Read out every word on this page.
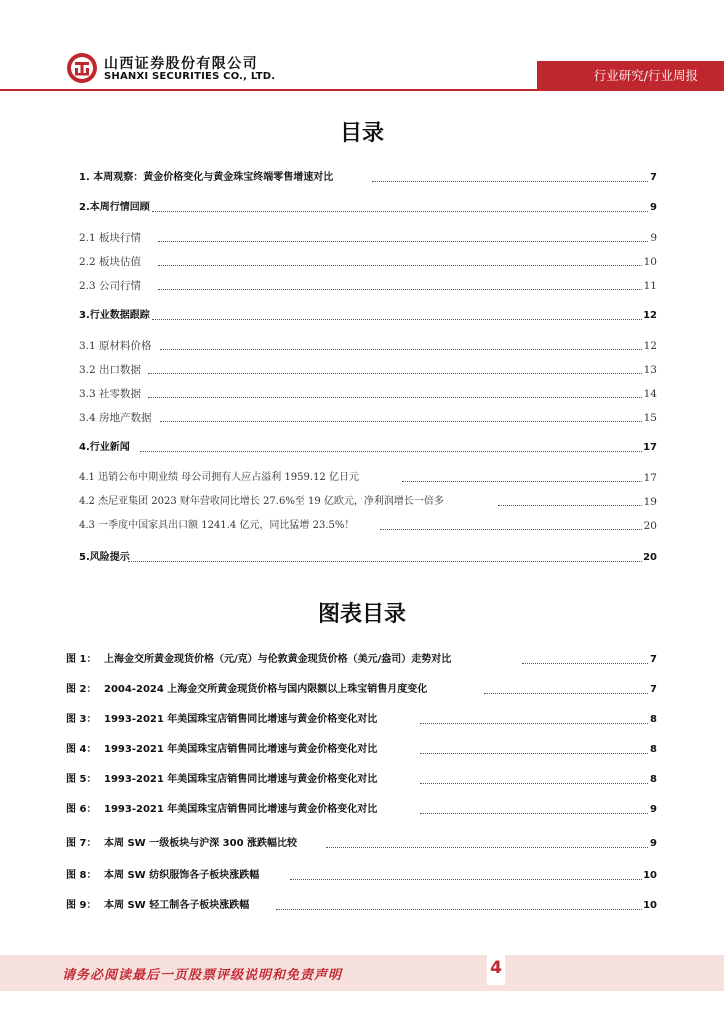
山西证券股份有限公司
SHANXI SECURITIES CO., LTD.	行业研究/行业周报
目录
1. 本周观察：黄金价格变化与黄金珠宝终端零售增速对比	7
2.本周行情回顾	9
2.1 板块行情	9
2.2 板块估值	10
2.3 公司行情	11
3.行业数据跟踪	12
3.1 原材料价格	12
3.2 出口数据	13
3.3 社零数据	14
3.4 房地产数据	15
4.行业新闻	17
4.1 迅销公布中期业绩 母公司拥有人应占溢利 1959.12 亿日元	17
4.2 杰尼亚集团 2023 财年营收同比增长 27.6%至 19 亿欧元，净利润增长一倍多	19
4.3 一季度中国家具出口额 1241.4 亿元，同比猛增 23.5%！	20
5.风险提示	20
图表目录
图 1： 上海金交所黄金现货价格（元/克）与伦敦黄金现货价格（美元/盎司）走势对比	7
图 2： 2004-2024 上海金交所黄金现货价格与国内限额以上珠宝销售月度变化	7
图 3： 1993-2021 年美国珠宝店销售同比增速与黄金价格变化对比	8
图 4： 1993-2021 年美国珠宝店销售同比增速与黄金价格变化对比	8
图 5： 1993-2021 年美国珠宝店销售同比增速与黄金价格变化对比	8
图 6： 1993-2021 年美国珠宝店销售同比增速与黄金价格变化对比	9
图 7： 本周 SW 一级板块与沪深 300 涨跌幅比较	9
图 8： 本周 SW 纺织服饰各子板块涨跌幅	10
图 9： 本周 SW 轻工制各子板块涨跌幅	10
请务必阅读最后一页股票评级说明和免责声明	4
